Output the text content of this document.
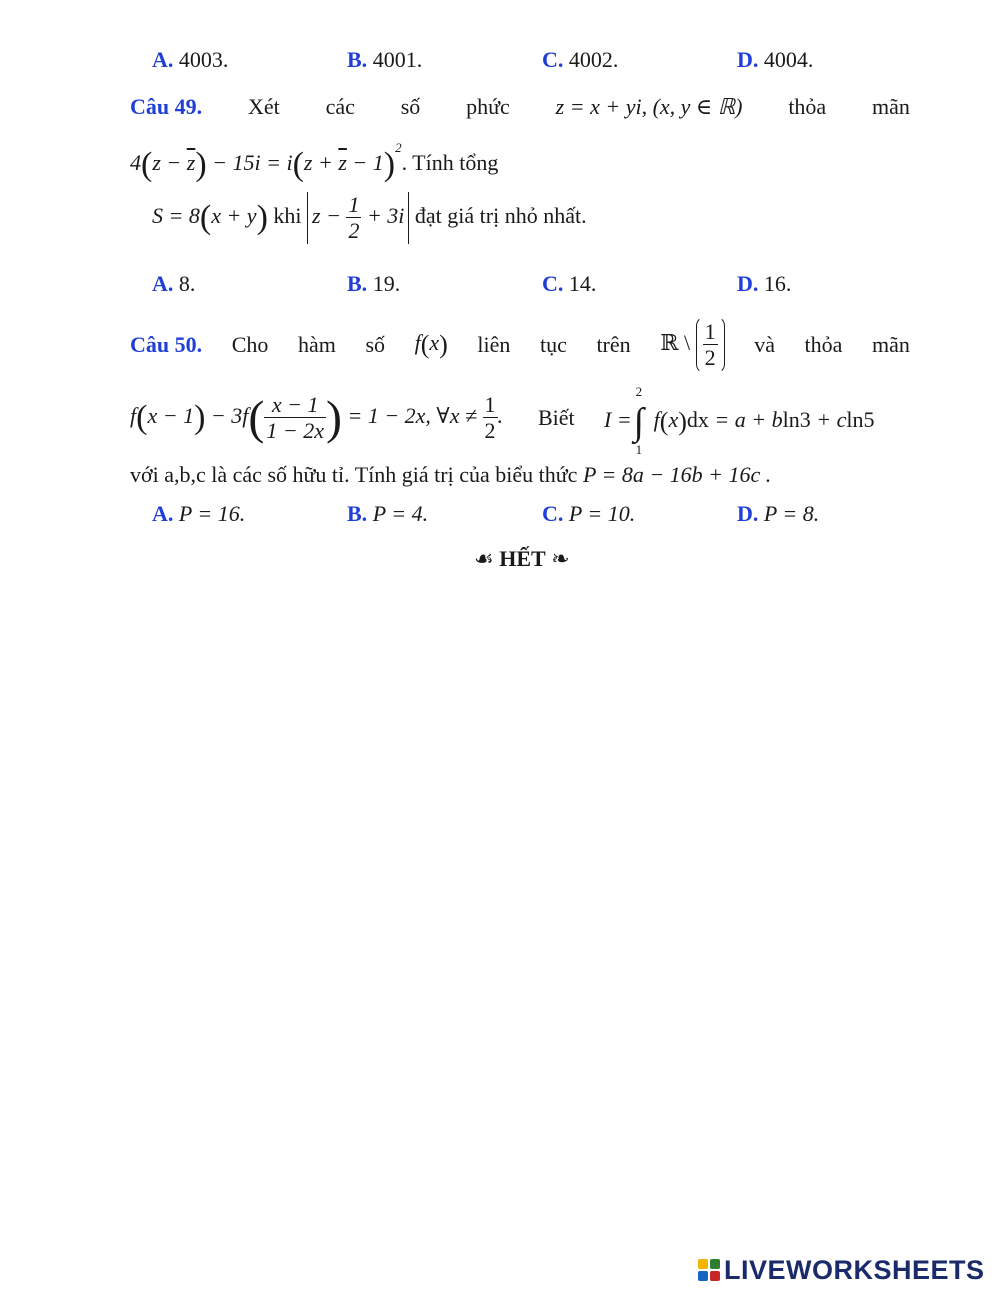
A. 4003.	B. 4001.	C. 4002.	D. 4004.
Câu 49. Xét các số phức z = x + yi, (x, y ∈ ℝ) thỏa mãn
$4(z - \overline{z}) - 15i = i(z + \overline{z} - 1)^2$. Tính tổng
S = 8(x + y) khi $z - \frac{1}{2} + 3i$ đạt giá trị nhỏ nhất.
A. 8.	B. 19.	C. 14.	D. 16.
Câu 50. Cho hàm số f(x) liên tục trên ℝ \ $\frac{1}{2}$ và thỏa mãn
$f(x - 1) - 3f( \frac{x - 1}{1 - 2x}$ ) = 1 − 2x, ∀x ≠ $\frac{1}{2}$ . Biết I = ∫
2
1
f(x)dx = a + bln3 + cln5
với a,b,c là các số hữu tỉ. Tính giá trị của biểu thức P = 8a − 16b + 16c .
A. P = 16.	B. P = 4.	C. P = 10.	D. P = 8.
☙ HẾT ❧
LIVEWORKSHEETS
